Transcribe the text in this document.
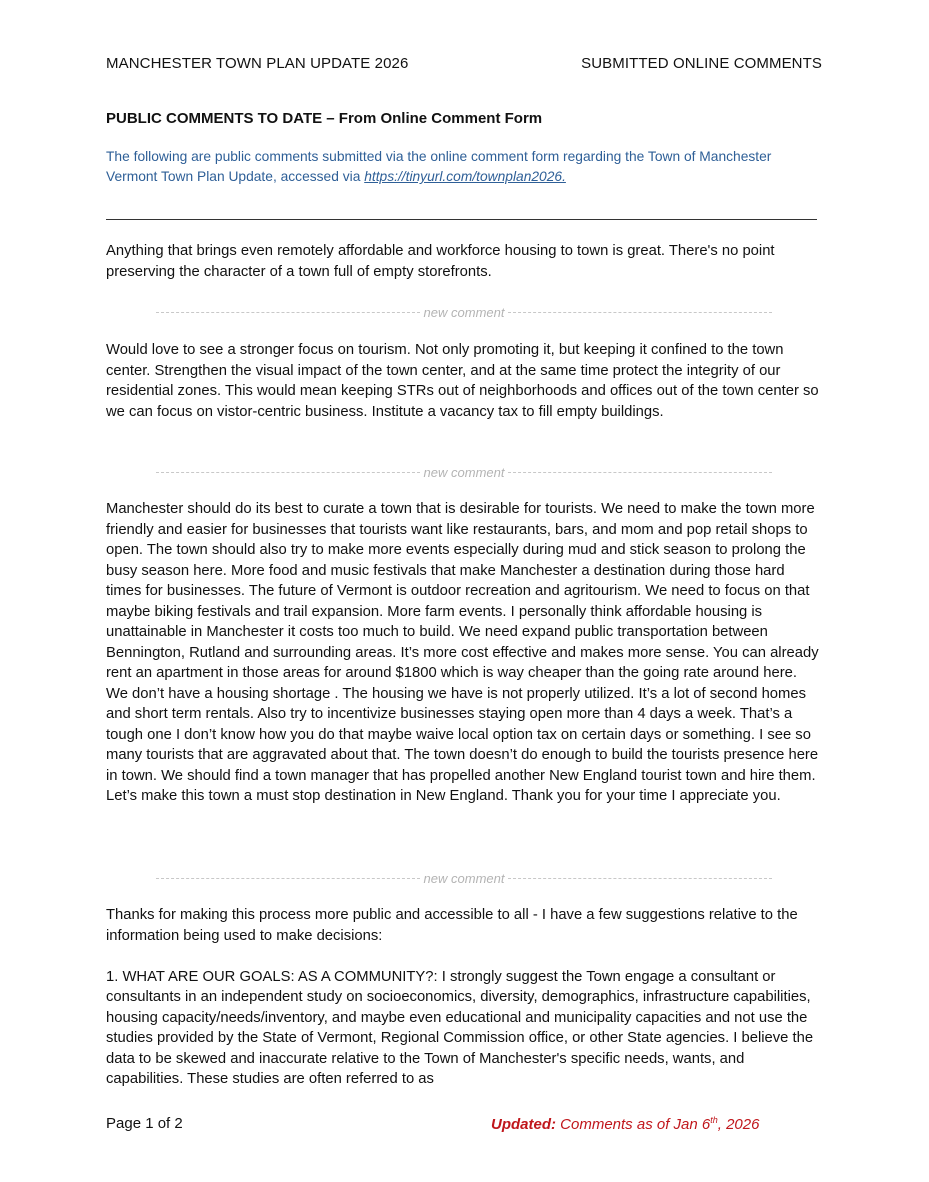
MANCHESTER TOWN PLAN UPDATE 2026	SUBMITTED ONLINE COMMENTS
PUBLIC COMMENTS TO DATE – From Online Comment Form
The following are public comments submitted via the online comment form regarding the Town of Manchester Vermont Town Plan Update, accessed via https://tinyurl.com/townplan2026.

Anything that brings even remotely affordable and workforce housing to town is great. There's no point preserving the character of a town full of empty storefronts.

new comment

Would love to see a stronger focus on tourism. Not only promoting it, but keeping it confined to the town center. Strengthen the visual impact of the town center, and at the same time protect the integrity of our residential zones. This would mean keeping STRs out of neighborhoods and offices out of the town center so we can focus on vistor-centric business. Institute a vacancy tax to fill empty buildings.

new comment

Manchester should do its best to curate a town that is desirable for tourists. We need to make the town more friendly and easier for businesses that tourists want like restaurants, bars, and mom and pop retail shops to open. The town should also try to make more events especially during mud and stick season to prolong the busy season here. More food and music festivals that make Manchester a destination during those hard times for businesses. The future of Vermont is outdoor recreation and agritourism. We need to focus on that maybe biking festivals and trail expansion. More farm events. I personally think affordable housing is unattainable in Manchester it costs too much to build. We need expand public transportation between Bennington, Rutland and surrounding areas. It’s more cost effective and makes more sense. You can already rent an apartment in those areas for around $1800 which is way cheaper than the going rate around here. We don’t have a housing shortage . The housing we have is not properly utilized. It’s a lot of second homes and short term rentals. Also try to incentivize businesses staying open more than 4 days a week. That’s a tough one I don’t know how you do that maybe waive local option tax on certain days or something. I see so many tourists that are aggravated about that. The town doesn’t do enough to build the tourists presence here in town. We should find a town manager that has propelled another New England tourist town and hire them. Let’s make this town a must stop destination in New England. Thank you for your time I appreciate you.

new comment

Thanks for making this process more public and accessible to all - I have a few suggestions relative to the information being used to make decisions:

1. WHAT ARE OUR GOALS: AS A COMMUNITY?: I strongly suggest the Town engage a consultant or consultants in an independent study on socioeconomics, diversity, demographics, infrastructure capabilities, housing capacity/needs/inventory, and maybe even educational and municipality capacities and not use the studies provided by the State of Vermont, Regional Commission office, or other State agencies. I believe the data to be skewed and inaccurate relative to the Town of Manchester's specific needs, wants, and capabilities. These studies are often referred to as

Page 1 of 2	Updated: Comments as of Jan 6th, 2026
